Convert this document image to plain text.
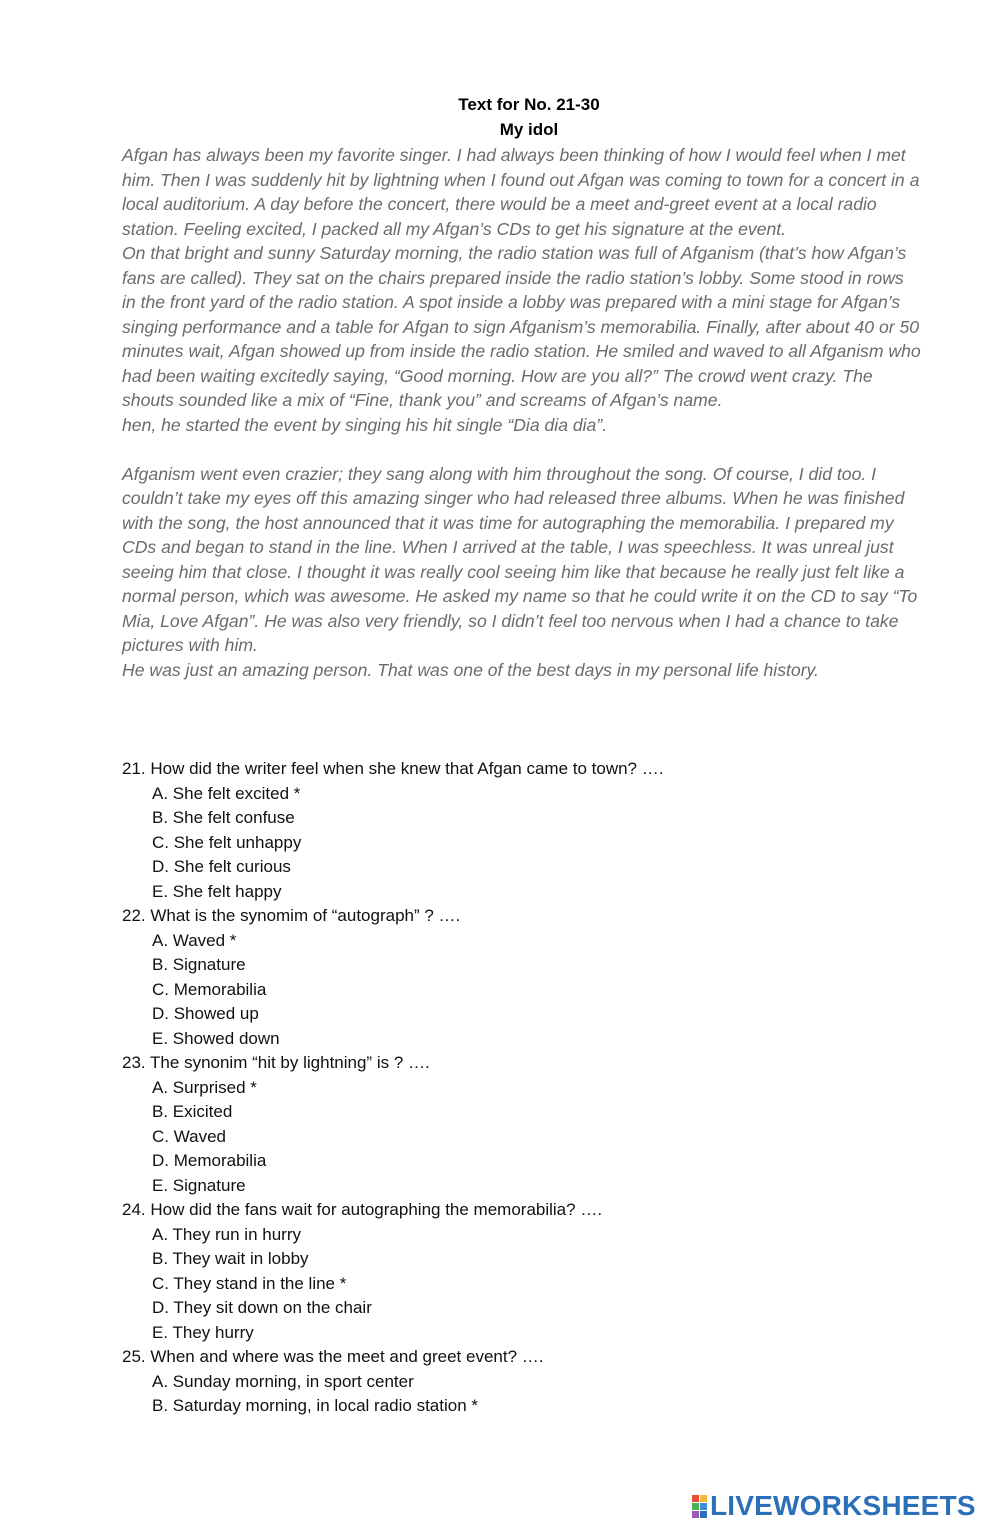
Text for No. 21-30
My idol

Afgan has always been my favorite singer. I had always been thinking of how I would feel when I met him. Then I was suddenly hit by lightning when I found out Afgan was coming to town for a concert in a local auditorium. A day before the concert, there would be a meet and-greet event at a local radio station. Feeling excited, I packed all my Afgan’s CDs to get his signature at the event.

On that bright and sunny Saturday morning, the radio station was full of Afganism (that’s how Afgan’s fans are called). They sat on the chairs prepared inside the radio station’s lobby. Some stood in rows in the front yard of the radio station. A spot inside a lobby was prepared with a mini stage for Afgan’s singing performance and a table for Afgan to sign Afganism’s memorabilia. Finally, after about 40 or 50 minutes wait, Afgan showed up from inside the radio station. He smiled and waved to all Afganism who had been waiting excitedly saying, “Good morning. How are you all?” The crowd went crazy. The shouts sounded like a mix of “Fine, thank you” and screams of Afgan’s name.

hen, he started the event by singing his hit single “Dia dia dia”.

Afganism went even crazier; they sang along with him throughout the song. Of course, I did too. I couldn’t take my eyes off this amazing singer who had released three albums. When he was finished with the song, the host announced that it was time for autographing the memorabilia. I prepared my CDs and began to stand in the line. When I arrived at the table, I was speechless. It was unreal just seeing him that close. I thought it was really cool seeing him like that because he really just felt like a normal person, which was awesome. He asked my name so that he could write it on the CD to say “To Mia, Love Afgan”. He was also very friendly, so I didn’t feel too nervous when I had a chance to take pictures with him.

He was just an amazing person. That was one of the best days in my personal life history.

21. How did the writer feel when she knew that Afgan came to town? ….
A. She felt excited *
B. She felt confuse
C. She felt unhappy
D. She felt curious
E. She felt happy
22. What is the synomim of “autograph” ? ….
A. Waved *
B. Signature
C. Memorabilia
D. Showed up
E. Showed down
23. The synonim “hit by lightning” is ? ….
A. Surprised *
B. Exicited
C. Waved
D. Memorabilia
E. Signature
24. How did the fans wait for autographing the memorabilia? ….
A. They run in hurry
B. They wait in lobby
C. They stand in the line *
D. They sit down on the chair
E. They hurry
25. When and where was the meet and greet event? ….
A. Sunday morning, in sport center
B. Saturday morning, in local radio station *
LIVEWORKSHEETS
